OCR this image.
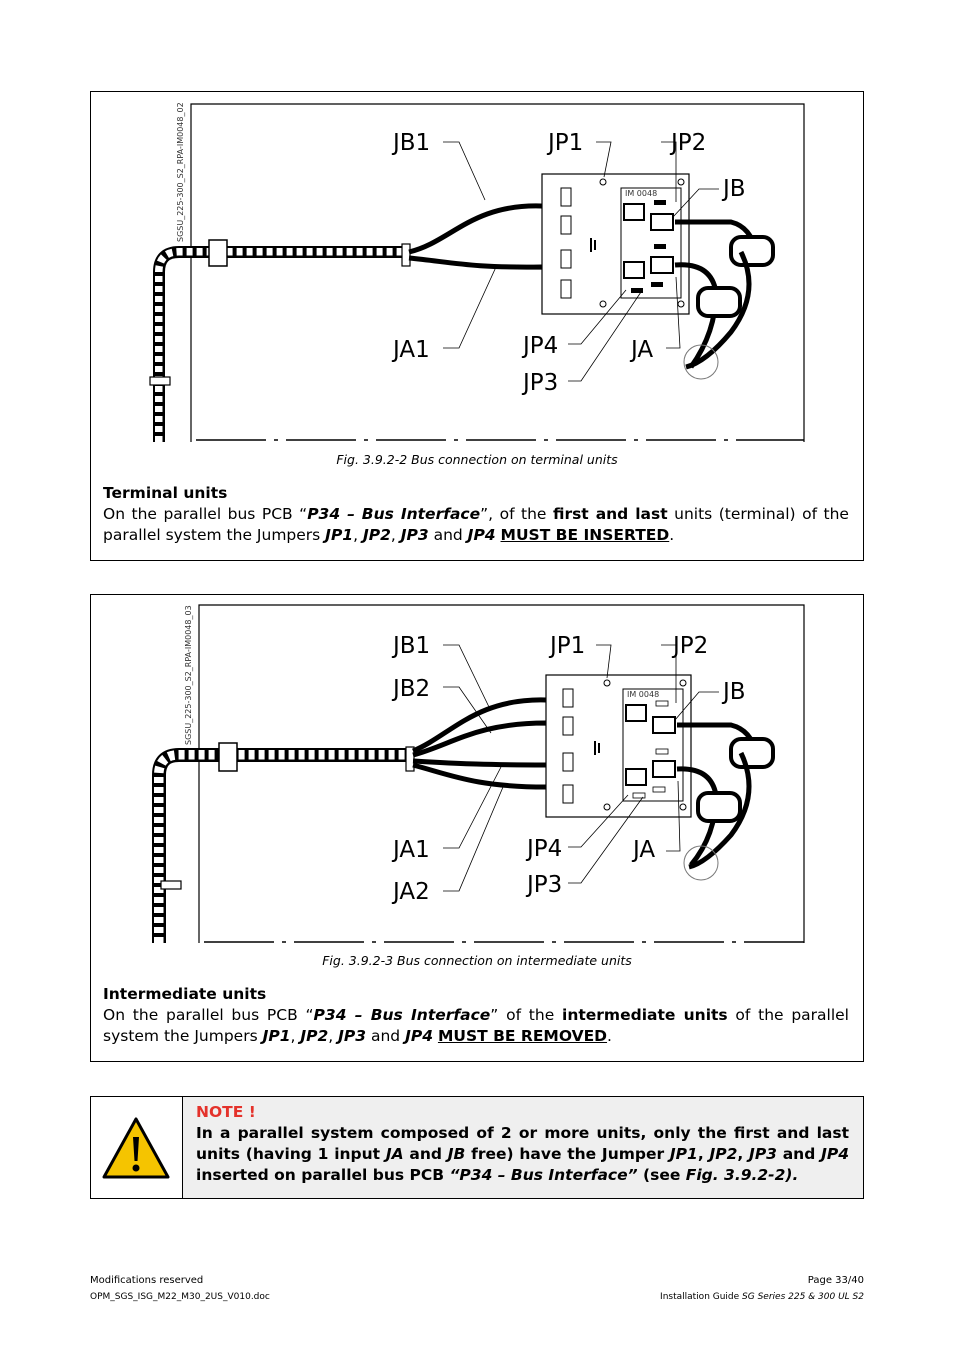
SGSU_225-300_S2_RPA-IM0048_02	IM 0048
JB1	JP1	JP2
JB
JA1	JP4	JA
JP3
Fig. 3.9.2-2 Bus connection on terminal units
Terminal units
On the parallel bus PCB “P34 – Bus Interface”, of the first and last units (terminal) of the parallel system the Jumpers JP1, JP2, JP3 and JP4 MUST BE INSERTED.
SGSU_225-300_S2_RPA-IM0048_03	IM 0048
JB1
JB2
JP1	JP2
JB
JA1
JA2
JP4	JA
JP3
Fig. 3.9.2-3 Bus connection on intermediate units
Intermediate units
On the parallel bus PCB “P34 – Bus Interface” of the intermediate units of the parallel system the Jumpers JP1, JP2, JP3 and JP4 MUST BE REMOVED.
NOTE !
In a parallel system composed of 2 or more units, only the first and last units (having 1 input JA and JB free) have the Jumper JP1, JP2, JP3 and JP4 inserted on parallel bus PCB “P34 – Bus Interface” (see Fig. 3.9.2-2).
Modifications reserved
OPM_SGS_ISG_M22_M30_2US_V010.doc
Page 33/40
Installation Guide SG Series 225 & 300 UL S2
